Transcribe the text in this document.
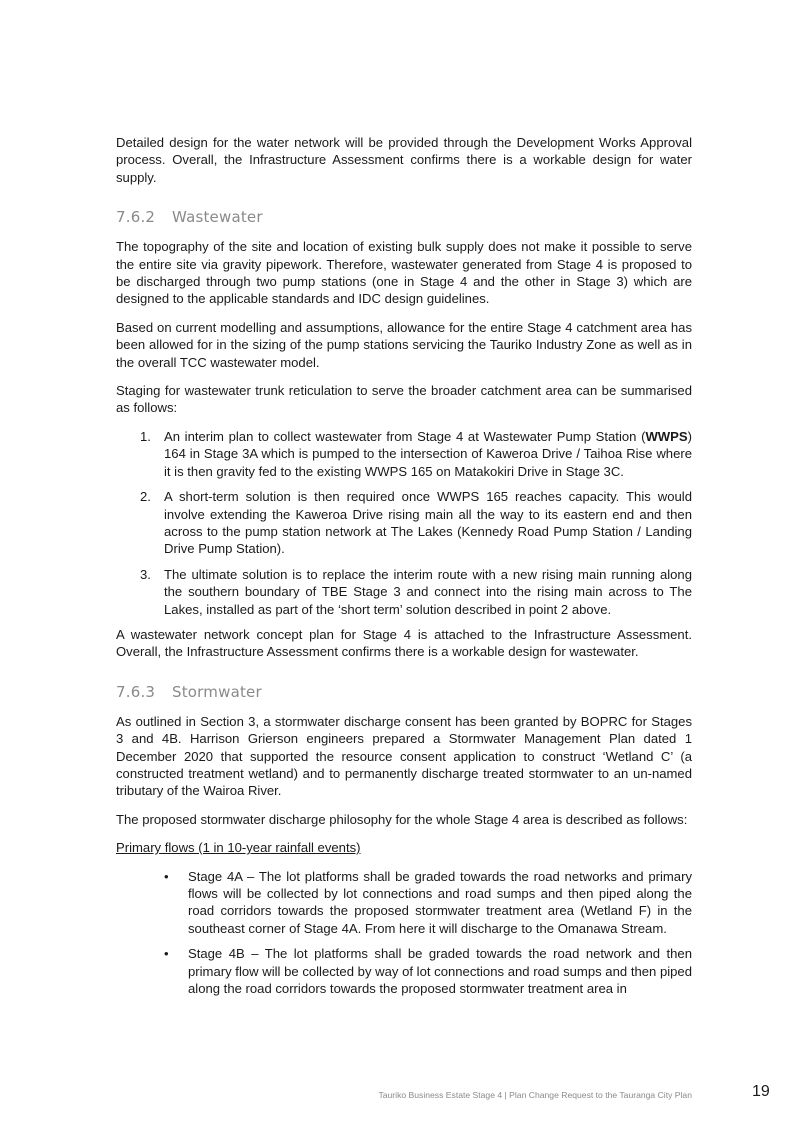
Detailed design for the water network will be provided through the Development Works Approval process. Overall, the Infrastructure Assessment confirms there is a workable design for water supply.

7.6.2 Wastewater

The topography of the site and location of existing bulk supply does not make it possible to serve the entire site via gravity pipework. Therefore, wastewater generated from Stage 4 is proposed to be discharged through two pump stations (one in Stage 4 and the other in Stage 3) which are designed to the applicable standards and IDC design guidelines.

Based on current modelling and assumptions, allowance for the entire Stage 4 catchment area has been allowed for in the sizing of the pump stations servicing the Tauriko Industry Zone as well as in the overall TCC wastewater model.

Staging for wastewater trunk reticulation to serve the broader catchment area can be summarised as follows:

1. An interim plan to collect wastewater from Stage 4 at Wastewater Pump Station (WWPS) 164 in Stage 3A which is pumped to the intersection of Kaweroa Drive / Taihoa Rise where it is then gravity fed to the existing WWPS 165 on Matakokiri Drive in Stage 3C.
2. A short-term solution is then required once WWPS 165 reaches capacity. This would involve extending the Kaweroa Drive rising main all the way to its eastern end and then across to the pump station network at The Lakes (Kennedy Road Pump Station / Landing Drive Pump Station).
3. The ultimate solution is to replace the interim route with a new rising main running along the southern boundary of TBE Stage 3 and connect into the rising main across to The Lakes, installed as part of the ‘short term’ solution described in point 2 above.

A wastewater network concept plan for Stage 4 is attached to the Infrastructure Assessment. Overall, the Infrastructure Assessment confirms there is a workable design for wastewater.

7.6.3 Stormwater

As outlined in Section 3, a stormwater discharge consent has been granted by BOPRC for Stages 3 and 4B. Harrison Grierson engineers prepared a Stormwater Management Plan dated 1 December 2020 that supported the resource consent application to construct ‘Wetland C’ (a constructed treatment wetland) and to permanently discharge treated stormwater to an un-named tributary of the Wairoa River.

The proposed stormwater discharge philosophy for the whole Stage 4 area is described as follows:

Primary flows (1 in 10-year rainfall events)

• Stage 4A – The lot platforms shall be graded towards the road networks and primary flows will be collected by lot connections and road sumps and then piped along the road corridors towards the proposed stormwater treatment area (Wetland F) in the southeast corner of Stage 4A. From here it will discharge to the Omanawa Stream.
• Stage 4B – The lot platforms shall be graded towards the road network and then primary flow will be collected by way of lot connections and road sumps and then piped along the road corridors towards the proposed stormwater treatment area in
Tauriko Business Estate Stage 4 | Plan Change Request to the Tauranga City Plan	19
